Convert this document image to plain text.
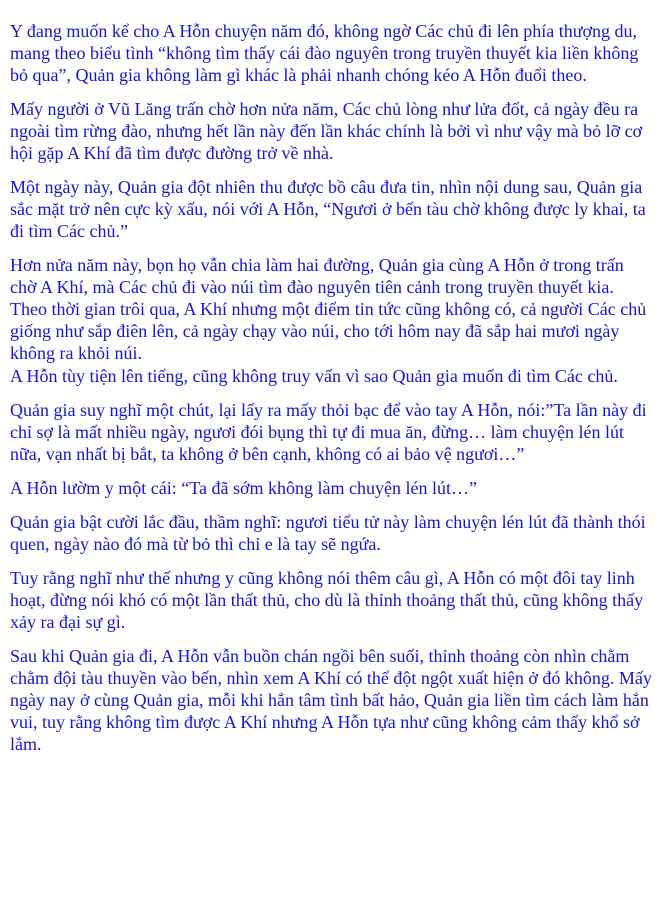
Y đang muốn kể cho A Hỗn chuyện năm đó, không ngờ Các chủ đi lên phía thượng du, mang theo biểu tình “không tìm thấy cái đào nguyên trong truyền thuyết kia liền không bỏ qua”, Quản gia không làm gì khác là phải nhanh chóng kéo A Hỗn đuổi theo.

Mấy người ở Vũ Lăng trấn chờ hơn nửa năm, Các chủ lòng như lửa đốt, cả ngày đều ra ngoài tìm rừng đào, nhưng hết lần này đến lần khác chính là bởi vì như vậy mà bỏ lỡ cơ hội gặp A Khí đã tìm được đường trở về nhà.

Một ngày này, Quản gia đột nhiên thu được bồ câu đưa tin, nhìn nội dung sau, Quản gia sắc mặt trở nên cực kỳ xấu, nói với A Hỗn, “Ngươi ở bến tàu chờ không được ly khai, ta đi tìm Các chủ.”

Hơn nửa năm này, bọn họ vẫn chia làm hai đường, Quản gia cùng A Hỗn ở trong trấn chờ A Khí, mà Các chủ đi vào núi tìm đào nguyên tiên cảnh trong truyền thuyết kia. Theo thời gian trôi qua, A Khí nhưng một điểm tin tức cũng không có, cả người Các chủ giống như sắp điên lên, cả ngày chạy vào núi, cho tới hôm nay đã sắp hai mươi ngày không ra khỏi núi.

A Hỗn tùy tiện lên tiếng, cũng không truy vấn vì sao Quản gia muốn đi tìm Các chủ.

Quản gia suy nghĩ một chút, lại lấy ra mấy thỏi bạc để vào tay A Hỗn, nói:”Ta lần này đi chỉ sợ là mất nhiều ngày, ngươi đói bụng thì tự đi mua ăn, đừng… làm chuyện lén lút nữa, vạn nhất bị bắt, ta không ở bên cạnh, không có ai bảo vệ ngươi…”

A Hỗn lườm y một cái: “Ta đã sớm không làm chuyện lén lút…”

Quản gia bật cười lắc đầu, thầm nghĩ: ngươi tiểu tử này làm chuyện lén lút đã thành thói quen, ngày nào đó mà từ bỏ thì chỉ e là tay sẽ ngứa.

Tuy rằng nghĩ như thế nhưng y cũng không nói thêm câu gì, A Hỗn có một đôi tay linh hoạt, đừng nói khó có một lần thất thủ, cho dù là thỉnh thoảng thất thủ, cũng không thấy xảy ra đại sự gì.

Sau khi Quản gia đi, A Hỗn vẫn buồn chán ngồi bên suối, thỉnh thoảng còn nhìn chằm chằm đội tàu thuyền vào bến, nhìn xem A Khí có thể đột ngột xuất hiện ở đó không. Mấy ngày nay ở cùng Quản gia, mỗi khi hắn tâm tình bất hảo, Quản gia liền tìm cách làm hắn vui, tuy rằng không tìm được A Khí nhưng A Hỗn tựa như cũng không cảm thấy khổ sở lắm.
